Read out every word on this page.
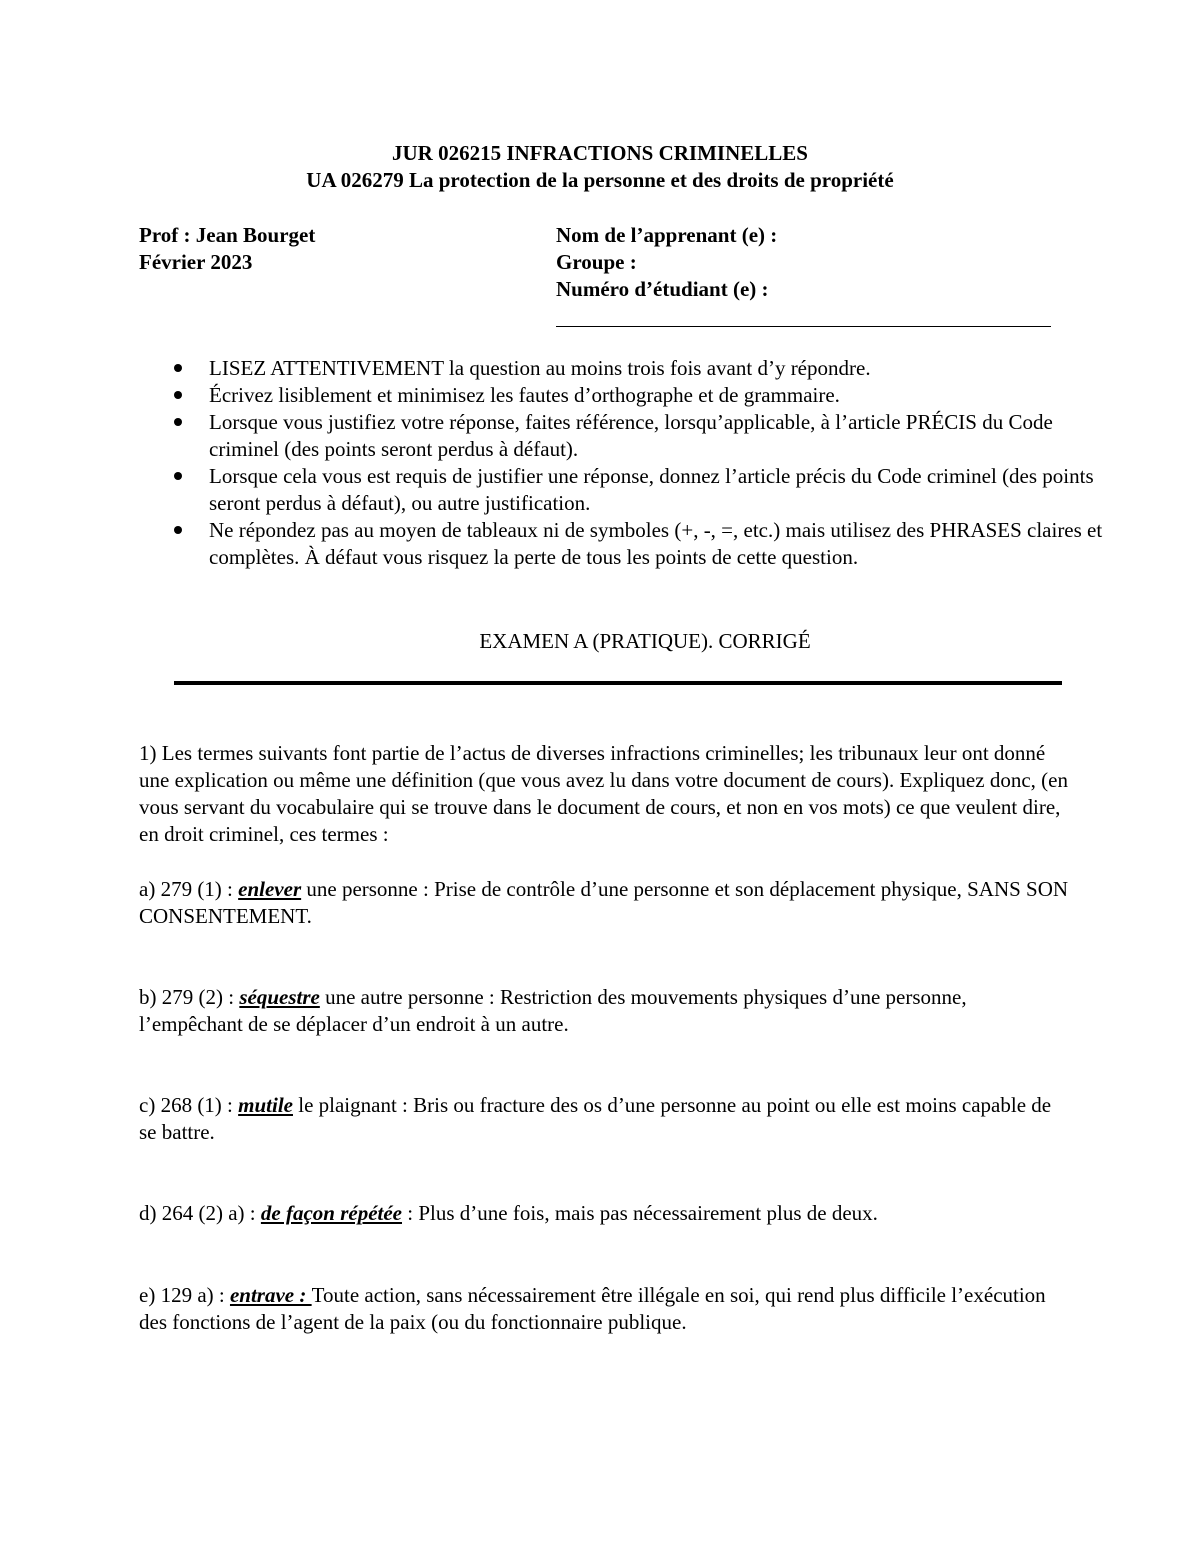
JUR 026215 INFRACTIONS CRIMINELLES
UA 026279 La protection de la personne et des droits de propriété
Prof : Jean Bourget
Février 2023
Nom de l’apprenant (e) :
Groupe :
Numéro d’étudiant (e) :
LISEZ ATTENTIVEMENT la question au moins trois fois avant d’y répondre.
Écrivez lisiblement et minimisez les fautes d’orthographe et de grammaire.
Lorsque vous justifiez votre réponse, faites référence, lorsqu’applicable, à l’article PRÉCIS du Code criminel (des points seront perdus à défaut).
Lorsque cela vous est requis de justifier une réponse, donnez l’article précis du Code criminel (des points seront perdus à défaut), ou autre justification.
Ne répondez pas au moyen de tableaux ni de symboles (+, -, =, etc.) mais utilisez des PHRASES claires et complètes. À défaut vous risquez la perte de tous les points de cette question.
EXAMEN A (PRATIQUE). CORRIGÉ
1) Les termes suivants font partie de l’actus de diverses infractions criminelles; les tribunaux leur ont donné une explication ou même une définition (que vous avez lu dans votre document de cours). Expliquez donc, (en vous servant du vocabulaire qui se trouve dans le document de cours, et non en vos mots) ce que veulent dire, en droit criminel, ces termes :
a) 279 (1) : enlever une personne : Prise de contrôle d’une personne et son déplacement physique, SANS SON CONSENTEMENT.
b) 279 (2) : séquestre une autre personne : Restriction des mouvements physiques d’une personne, l’empêchant de se déplacer d’un endroit à un autre.
c) 268 (1) : mutile le plaignant : Bris ou fracture des os d’une personne au point ou elle est moins capable de se battre.
d) 264 (2) a) : de façon répétée : Plus d’une fois, mais pas nécessairement plus de deux.
e) 129 a) : entrave : Toute action, sans nécessairement être illégale en soi, qui rend plus difficile l’exécution des fonctions de l’agent de la paix (ou du fonctionnaire publique.
